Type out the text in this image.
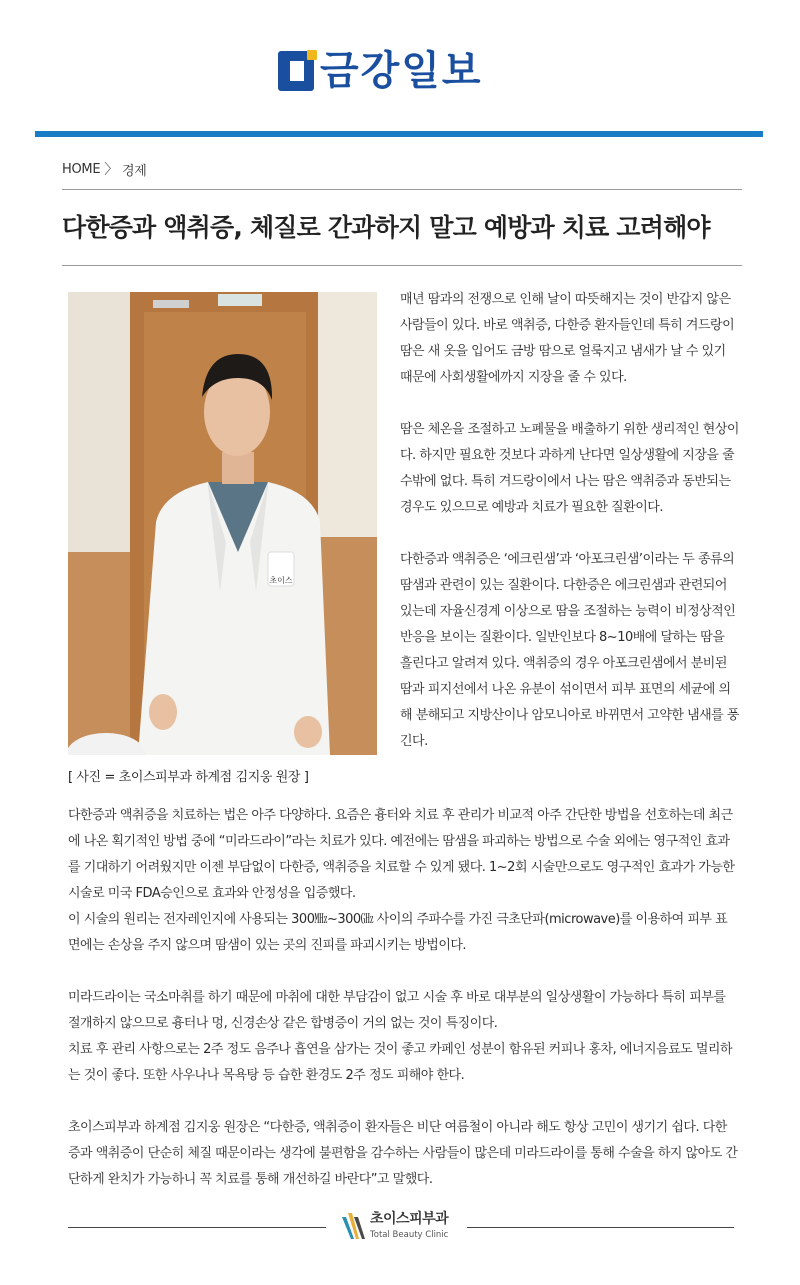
금강일보
HOME 〉 경제
다한증과 액취증, 체질로 간과하지 말고 예방과 치료 고려해야
초이스
[ 사진 = 초이스피부과 하계점 김지웅 원장 ]

매년 땀과의 전쟁으로 인해 날이 따뜻해지는 것이 반갑지 않은 사람들이 있다. 바로 액취증, 다한증 환자들인데 특히 겨드랑이 땀은 새 옷을 입어도 금방 땀으로 얼룩지고 냄새가 날 수 있기 때문에 사회생활에까지 지장을 줄 수 있다.

땀은 체온을 조절하고 노폐물을 배출하기 위한 생리적인 현상이다. 하지만 필요한 것보다 과하게 난다면 일상생활에 지장을 줄 수밖에 없다. 특히 겨드랑이에서 나는 땀은 액취증과 동반되는 경우도 있으므로 예방과 치료가 필요한 질환이다.

다한증과 액취증은 ‘에크린샘’과 ‘아포크린샘’이라는 두 종류의 땀샘과 관련이 있는 질환이다. 다한증은 에크린샘과 관련되어 있는데 자율신경계 이상으로 땀을 조절하는 능력이 비정상적인 반응을 보이는 질환이다. 일반인보다 8~10배에 달하는 땀을 흘린다고 알려져 있다. 액취증의 경우 아포크린샘에서 분비된 땀과 피지선에서 나온 유분이 섞이면서 피부 표면의 세균에 의해 분해되고 지방산이나 암모니아로 바뀌면서 고약한 냄새를 풍긴다.

다한증과 액취증을 치료하는 법은 아주 다양하다. 요즘은 흉터와 치료 후 관리가 비교적 아주 간단한 방법을 선호하는데 최근에 나온 획기적인 방법 중에 “미라드라이”라는 치료가 있다. 예전에는 땀샘을 파괴하는 방법으로 수술 외에는 영구적인 효과를 기대하기 어려웠지만 이젠 부담없이 다한증, 액취증을 치료할 수 있게 됐다. 1~2회 시술만으로도 영구적인 효과가 가능한 시술로 미국 FDA승인으로 효과와 안정성을 입증했다.
이 시술의 원리는 전자레인지에 사용되는 300㎒~300㎓ 사이의 주파수를 가진 극초단파(microwave)를 이용하여 피부 표면에는 손상을 주지 않으며 땀샘이 있는 곳의 진피를 파괴시키는 방법이다.

미라드라이는 국소마취를 하기 때문에 마취에 대한 부담감이 없고 시술 후 바로 대부분의 일상생활이 가능하다 특히 피부를 절개하지 않으므로 흉터나 멍, 신경손상 같은 합병증이 거의 없는 것이 특징이다.
치료 후 관리 사항으로는 2주 정도 음주나 흡연을 삼가는 것이 좋고 카페인 성분이 함유된 커피나 홍차, 에너지음료도 멀리하는 것이 좋다. 또한 사우나나 목욕탕 등 습한 환경도 2주 정도 피해야 한다.

초이스피부과 하계점 김지웅 원장은 “다한증, 액취증이 환자들은 비단 여름철이 아니라 해도 항상 고민이 생기기 쉽다. 다한증과 액취증이 단순히 체질 때문이라는 생각에 불편함을 감수하는 사람들이 많은데 미라드라이를 통해 수술을 하지 않아도 간단하게 완치가 가능하니 꼭 치료를 통해 개선하길 바란다”고 말했다.

초이스피부과
Total Beauty Clinic
